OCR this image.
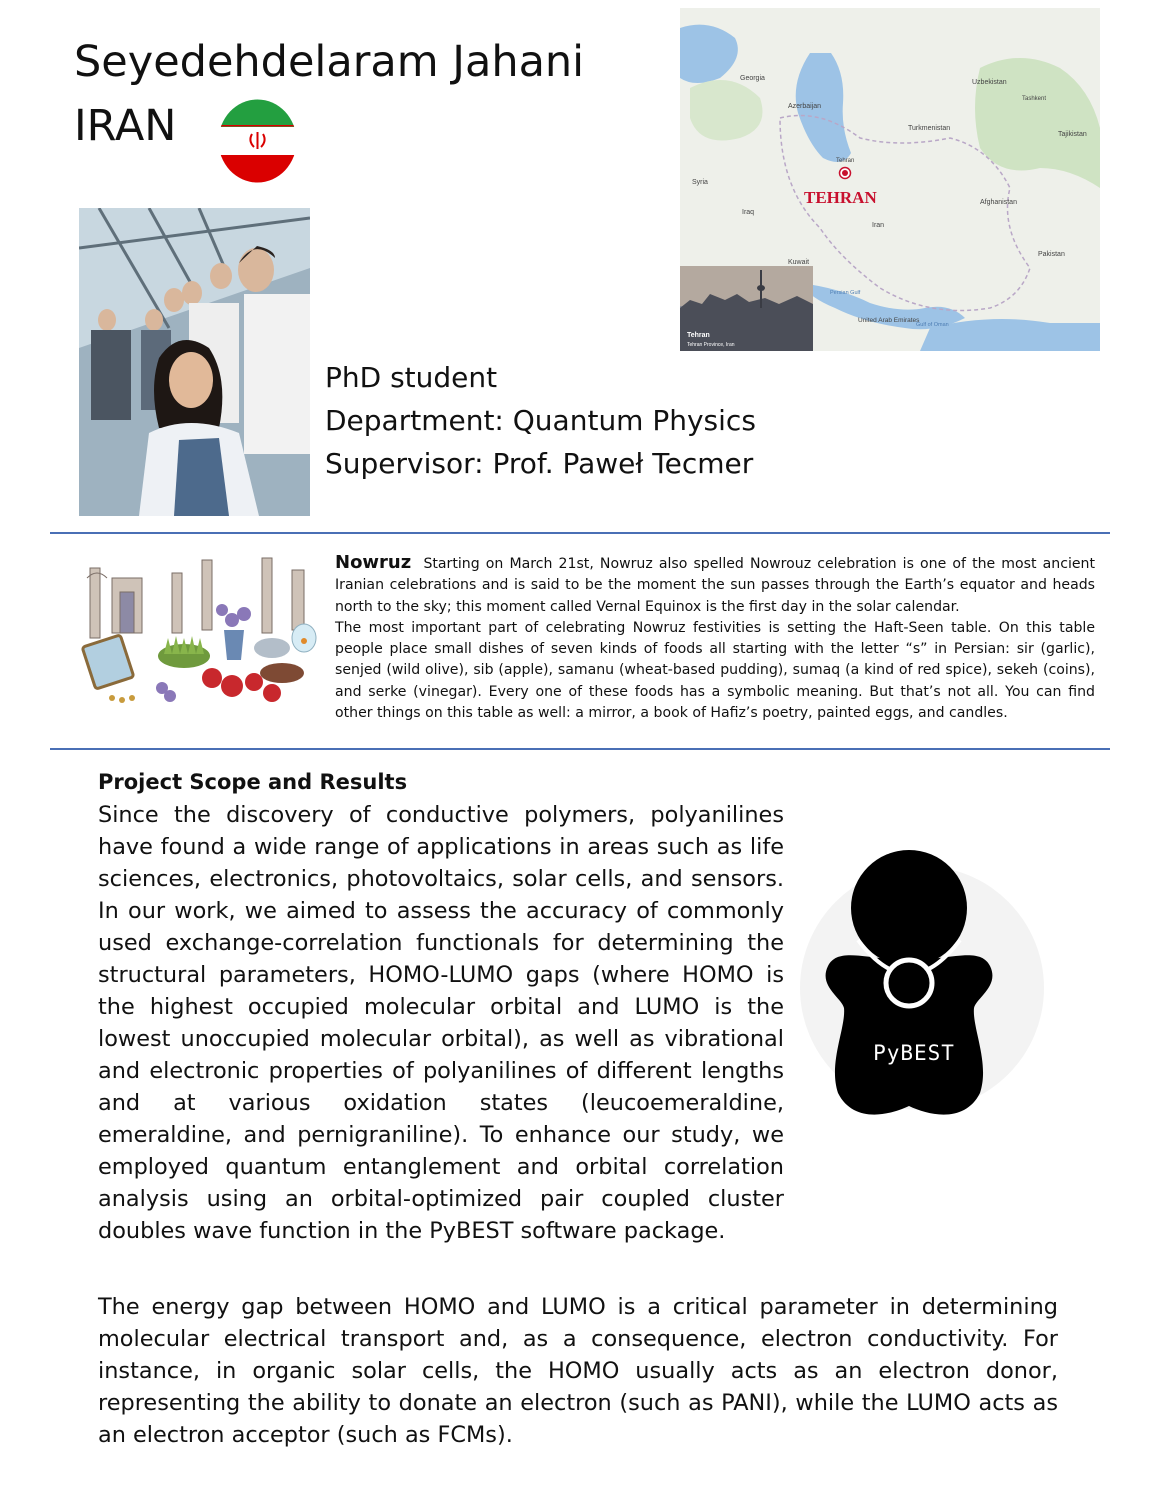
Seyedehdelaram Jahani
IRAN
Georgia
Azerbaijan
Uzbekistan
Tashkent
Tajikistan
Turkmenistan
Syria
Iraq
Tehran
Iran
Afghanistan
Pakistan
Kuwait
Persian Gulf
United Arab Emirates
Gulf of Oman
TEHRAN
Tehran
Tehran Province, Iran
PhD student
Department: Quantum Physics
Supervisor: Prof. Paweł Tecmer
Nowruz Starting on March 21st, Nowruz also spelled Nowrouz celebration is one of the most ancient Iranian celebrations and is said to be the moment the sun passes through the Earth’s equator and heads north to the sky; this moment called Vernal Equinox is the first day in the solar calendar.
The most important part of celebrating Nowruz festivities is setting the Haft-Seen table. On this table people place small dishes of seven kinds of foods all starting with the letter “s” in Persian: sir (garlic), senjed (wild olive), sib (apple), samanu (wheat-based pudding), sumaq (a kind of red spice), sekeh (coins), and serke (vinegar). Every one of these foods has a symbolic meaning. But that’s not all. You can find other things on this table as well: a mirror, a book of Hafiz’s poetry, painted eggs, and candles.
Project Scope and Results
Since the discovery of conductive polymers, polyanilines have found a wide range of applications in areas such as life sciences, electronics, photovoltaics, solar cells, and sensors. In our work, we aimed to assess the accuracy of commonly used exchange-correlation functionals for determining the structural parameters, HOMO-LUMO gaps (where HOMO is the highest occupied molecular orbital and LUMO is the lowest unoccupied molecular orbital), as well as vibrational and electronic properties of polyanilines of different lengths and at various oxidation states (leucoemeraldine, emeraldine, and pernigraniline). To enhance our study, we employed quantum entanglement and orbital correlation analysis using an orbital-optimized pair coupled cluster doubles wave function in the PyBEST software package.
PyBEST
The energy gap between HOMO and LUMO is a critical parameter in determining molecular electrical transport and, as a consequence, electron conductivity. For instance, in organic solar cells, the HOMO usually acts as an electron donor, representing the ability to donate an electron (such as PANI), while the LUMO acts as an electron acceptor (such as FCMs).
